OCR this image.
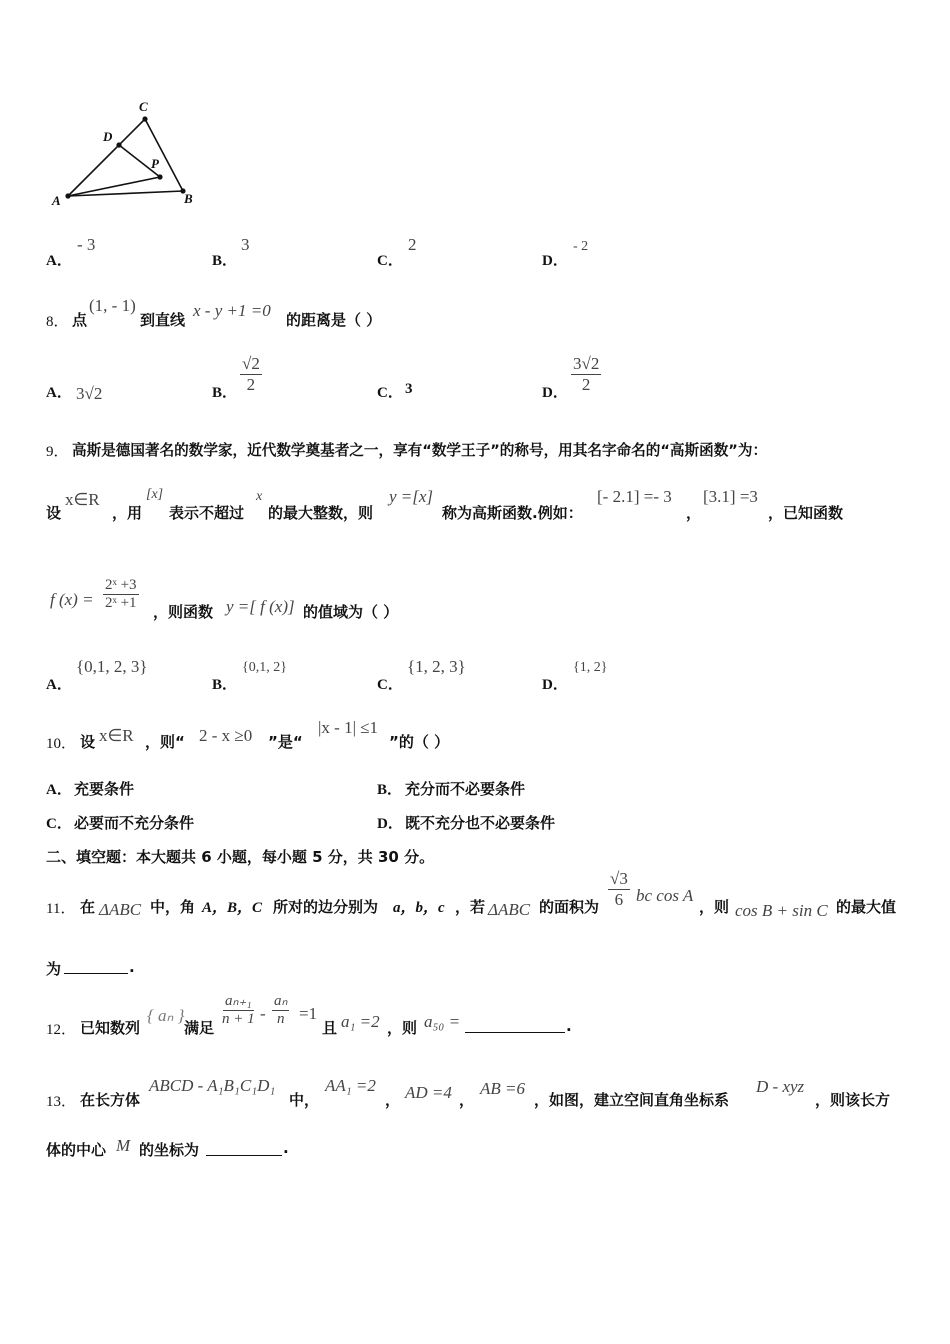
A	B
C
D
P
A．
- 3
B．
3
C．
2
D．
- 2
8． 点
(1, - 1)
到直线 x - y +1 =0 的距离是（ ）
A． 3√2	B． $\frac{√2}{2}$	C． 3	D． $\frac{3√2}{2}$
9． 高斯是德国著名的数学家，近代数学奠基者之一，享有“数学王子”的称号，用其名字命名的“高斯函数”为：
设
x∈R
，用
[x]
表示不超过
x
的最大整数，则
y =[x]
称为高斯函数.例如：
[- 2.1] =- 3
，
[3.1] =3
，已知函数
f $(x) = \frac{\text{2ˣ +3}}{\text{2ˣ +1}}$ ，则函数 y =[ f (x)] 的值域为（ ）
A．
{0,1, 2, 3}
B．
{0,1, 2}
C．
{1, 2, 3}
D．
{1, 2}
10． 设 x∈R ，则“ 2 - x ≥0 ”是“
|x - 1| ≤1
”的（ ）
A． 充要条件	B． 充分而不必要条件
C． 必要而不充分条件	D． 既不充分也不必要条件
二、填空题：本大题共 6 小题，每小题 5 分，共 30 分。
11． 在 ΔABC 中，角 A，B，C 所对的边分别为 a，b，c ，若 ΔABC 的面积为 $\frac{√3}{6}$ bc cos A
，则 cos B + sin C 的最大值
为	.
12． 已知数列
{ aₙ }
满足 $\frac{\text{aₙ₊₁}}{n + 1} - \frac{\text{aₙ}}{n} =1$
且 a₁ =2 ，则 a₅₀ =	.
13． 在长方体
ABCD - A₁B₁C₁D₁
中，
AA₁ =2
， AD =4 ，
AB =6
，如图，建立空间直角坐标系
D - xyz
，则该长方
体的中心 M 的坐标为	.
